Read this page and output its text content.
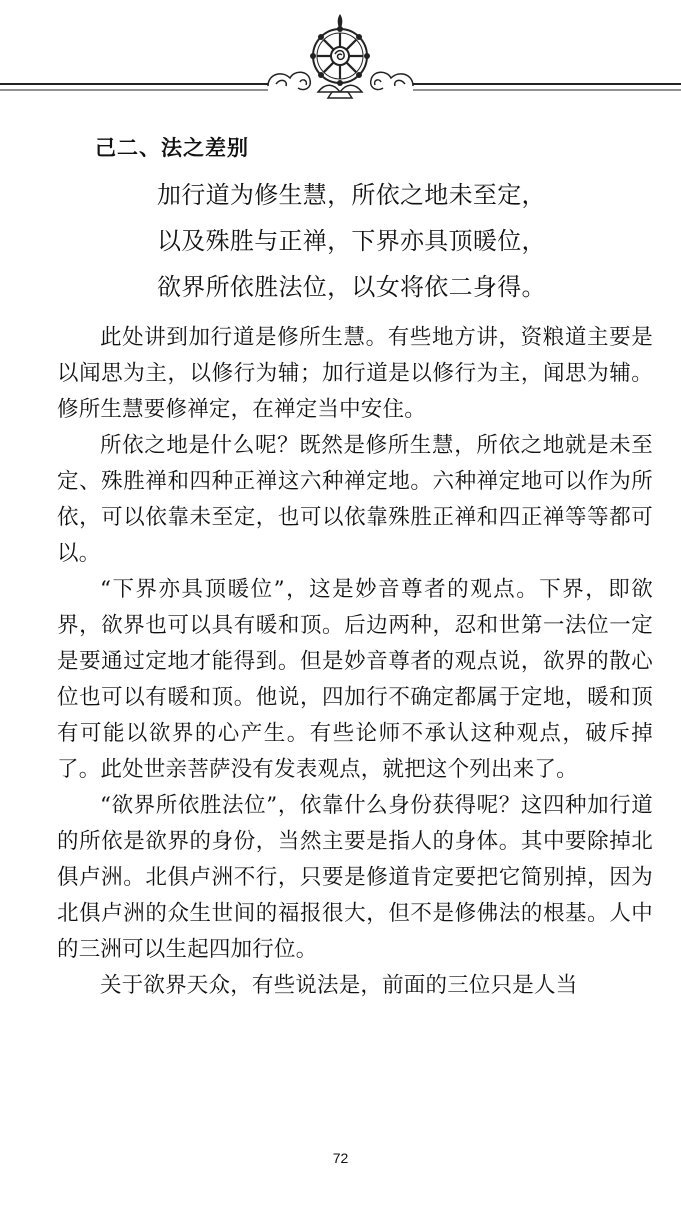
己二、法之差别
加行道为修生慧，所依之地未至定，
以及殊胜与正禅，下界亦具顶暖位，
欲界所依胜法位，以女将依二身得。

此处讲到加行道是修所生慧。有些地方讲，资粮道主要是以闻思为主，以修行为辅；加行道是以修行为主，闻思为辅。修所生慧要修禅定，在禅定当中安住。

所依之地是什么呢？既然是修所生慧，所依之地就是未至定、殊胜禅和四种正禅这六种禅定地。六种禅定地可以作为所依，可以依靠未至定，也可以依靠殊胜正禅和四正禅等等都可以。

“下界亦具顶暖位”，这是妙音尊者的观点。下界，即欲界，欲界也可以具有暖和顶。后边两种，忍和世第一法位一定是要通过定地才能得到。但是妙音尊者的观点说，欲界的散心位也可以有暖和顶。他说，四加行不确定都属于定地，暖和顶有可能以欲界的心产生。有些论师不承认这种观点，破斥掉了。此处世亲菩萨没有发表观点，就把这个列出来了。

“欲界所依胜法位”，依靠什么身份获得呢？这四种加行道的所依是欲界的身份，当然主要是指人的身体。其中要除掉北俱卢洲。北俱卢洲不行，只要是修道肯定要把它简别掉，因为北俱卢洲的众生世间的福报很大，但不是修佛法的根基。人中的三洲可以生起四加行位。

关于欲界天众，有些说法是，前面的三位只是人当

72
